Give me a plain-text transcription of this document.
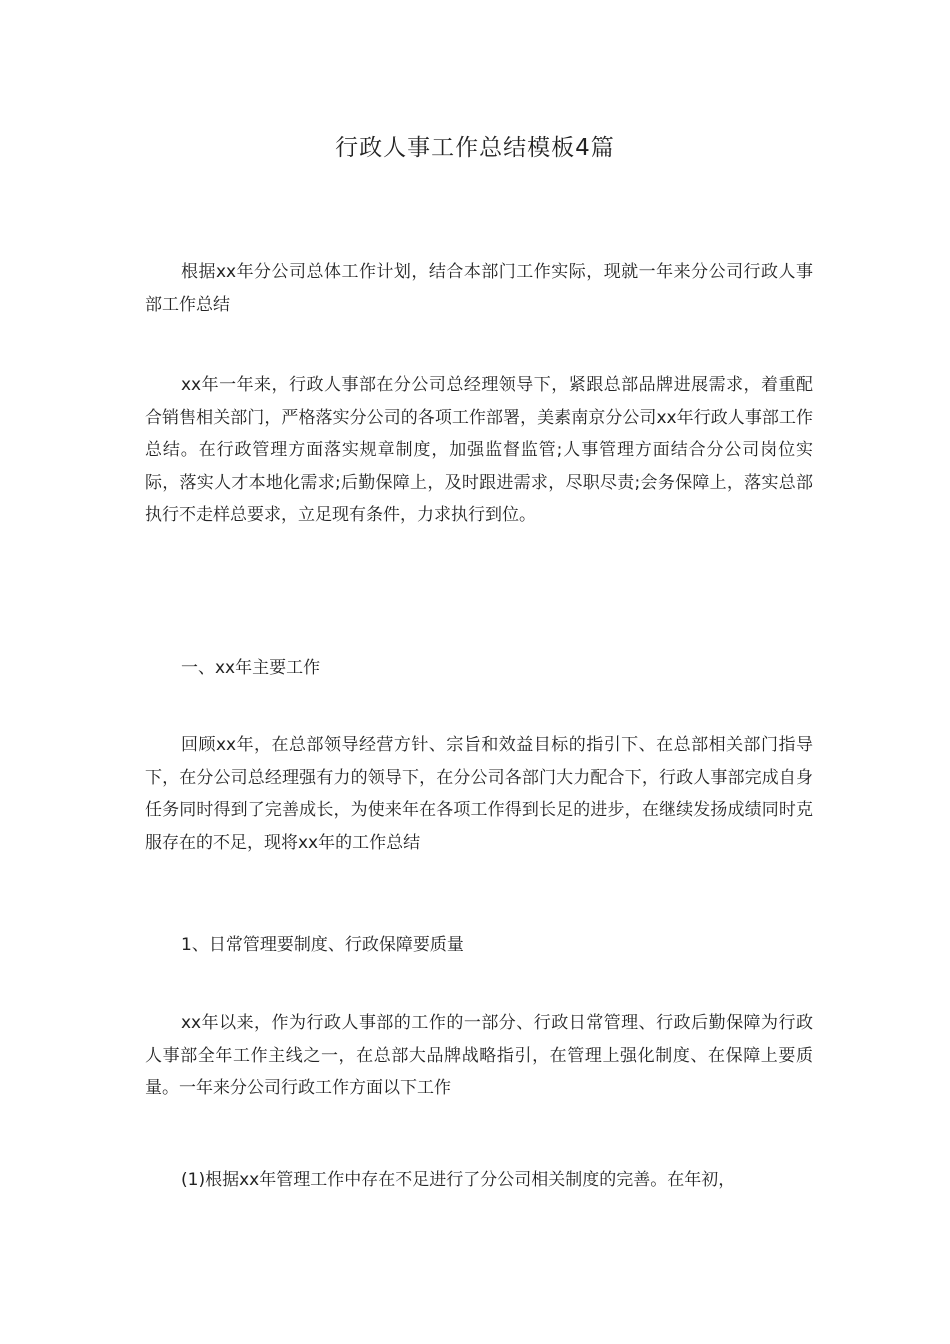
行政人事工作总结模板4篇

根据xx年分公司总体工作计划，结合本部门工作实际，现就一年来分公司行政人事部工作总结

xx年一年来，行政人事部在分公司总经理领导下，紧跟总部品牌进展需求，着重配合销售相关部门，严格落实分公司的各项工作部署，美素南京分公司xx年行政人事部工作总结。在行政管理方面落实规章制度，加强监督监管;人事管理方面结合分公司岗位实际，落实人才本地化需求;后勤保障上，及时跟进需求，尽职尽责;会务保障上，落实总部执行不走样总要求，立足现有条件，力求执行到位。

一、xx年主要工作

回顾xx年，在总部领导经营方针、宗旨和效益目标的指引下、在总部相关部门指导下，在分公司总经理强有力的领导下，在分公司各部门大力配合下，行政人事部完成自身任务同时得到了完善成长，为使来年在各项工作得到长足的进步，在继续发扬成绩同时克服存在的不足，现将xx年的工作总结

1、日常管理要制度、行政保障要质量

xx年以来，作为行政人事部的工作的一部分、行政日常管理、行政后勤保障为行政人事部全年工作主线之一，在总部大品牌战略指引，在管理上强化制度、在保障上要质量。一年来分公司行政工作方面以下工作

(1)根据xx年管理工作中存在不足进行了分公司相关制度的完善。在年初，
